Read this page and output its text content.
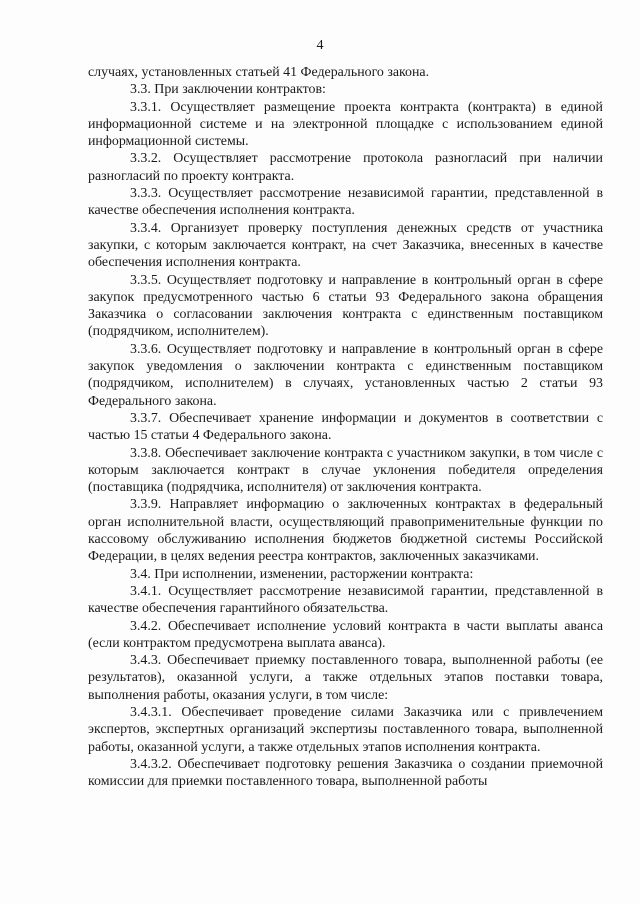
4

случаях, установленных статьей 41 Федерального закона.

3.3. При заключении контрактов:

3.3.1. Осуществляет размещение проекта контракта (контракта) в единой информационной системе и на электронной площадке с использованием единой информационной системы.

3.3.2. Осуществляет рассмотрение протокола разногласий при наличии разногласий по проекту контракта.

3.3.3. Осуществляет рассмотрение независимой гарантии, представленной в качестве обеспечения исполнения контракта.

3.3.4. Организует проверку поступления денежных средств от участника закупки, с которым заключается контракт, на счет Заказчика, внесенных в качестве обеспечения исполнения контракта.

3.3.5. Осуществляет подготовку и направление в контрольный орган в сфере закупок предусмотренного частью 6 статьи 93 Федерального закона обращения Заказчика о согласовании заключения контракта с единственным поставщиком (подрядчиком, исполнителем).

3.3.6. Осуществляет подготовку и направление в контрольный орган в сфере закупок уведомления о заключении контракта с единственным поставщиком (подрядчиком, исполнителем) в случаях, установленных частью 2 статьи 93 Федерального закона.

3.3.7. Обеспечивает хранение информации и документов в соответствии с частью 15 статьи 4 Федерального закона.

3.3.8. Обеспечивает заключение контракта с участником закупки, в том числе с которым заключается контракт в случае уклонения победителя определения (поставщика (подрядчика, исполнителя) от заключения контракта.

3.3.9. Направляет информацию о заключенных контрактах в федеральный орган исполнительной власти, осуществляющий правоприменительные функции по кассовому обслуживанию исполнения бюджетов бюджетной системы Российской Федерации, в целях ведения реестра контрактов, заключенных заказчиками.

3.4. При исполнении, изменении, расторжении контракта:

3.4.1. Осуществляет рассмотрение независимой гарантии, представленной в качестве обеспечения гарантийного обязательства.

3.4.2. Обеспечивает исполнение условий контракта в части выплаты аванса (если контрактом предусмотрена выплата аванса).

3.4.3. Обеспечивает приемку поставленного товара, выполненной работы (ее результатов), оказанной услуги, а также отдельных этапов поставки товара, выполнения работы, оказания услуги, в том числе:

3.4.3.1. Обеспечивает проведение силами Заказчика или с привлечением экспертов, экспертных организаций экспертизы поставленного товара, выполненной работы, оказанной услуги, а также отдельных этапов исполнения контракта.

3.4.3.2. Обеспечивает подготовку решения Заказчика о создании приемочной комиссии для приемки поставленного товара, выполненной работы
